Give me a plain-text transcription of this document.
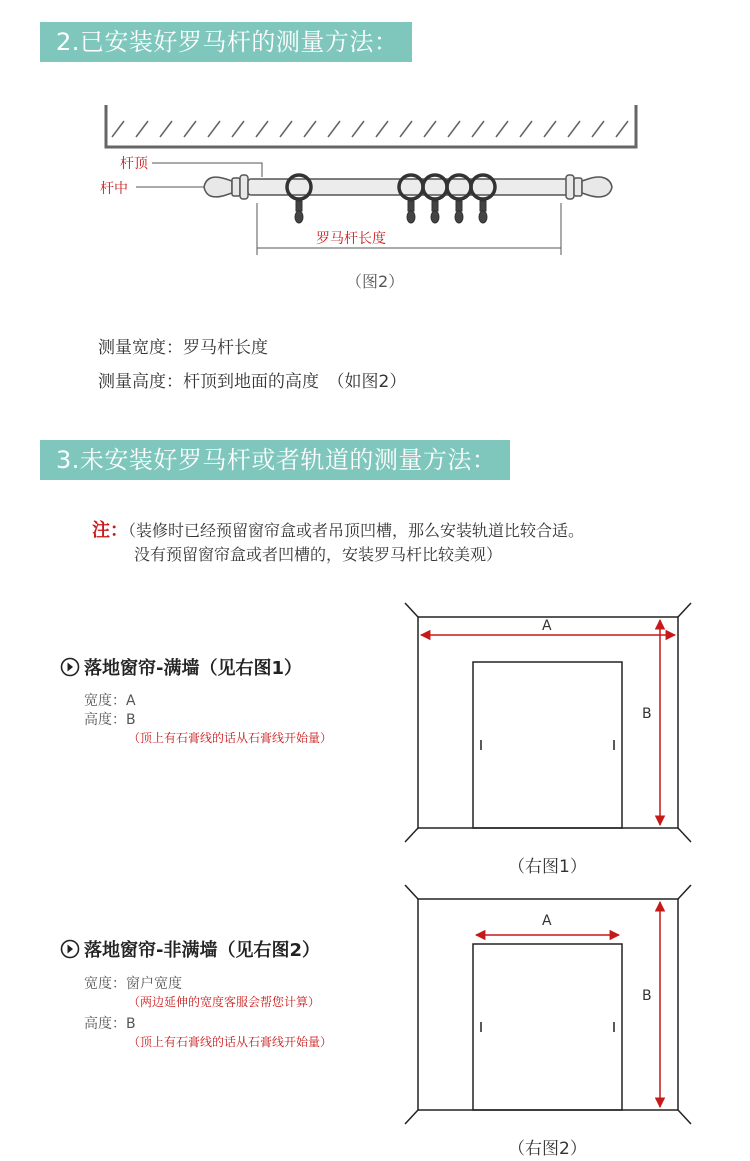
2.已安装好罗马杆的测量方法：
杆顶
杆中
罗马杆长度
（图2）
测量宽度：罗马杆长度
测量高度：杆顶到地面的高度　（如图2）
3.未安装好罗马杆或者轨道的测量方法：
注：（装修时已经预留窗帘盒或者吊顶凹槽，那么安装轨道比较合适。
没有预留窗帘盒或者凹槽的，安装罗马杆比较美观）
落地窗帘-满墙（见右图1）
宽度：A
高度：B
（顶上有石膏线的话从石膏线开始量）
A
B
（右图1）
落地窗帘-非满墙（见右图2）
宽度：窗户宽度
（两边延伸的宽度客服会帮您计算）
高度：B
（顶上有石膏线的话从石膏线开始量）
A
B
（右图2）
